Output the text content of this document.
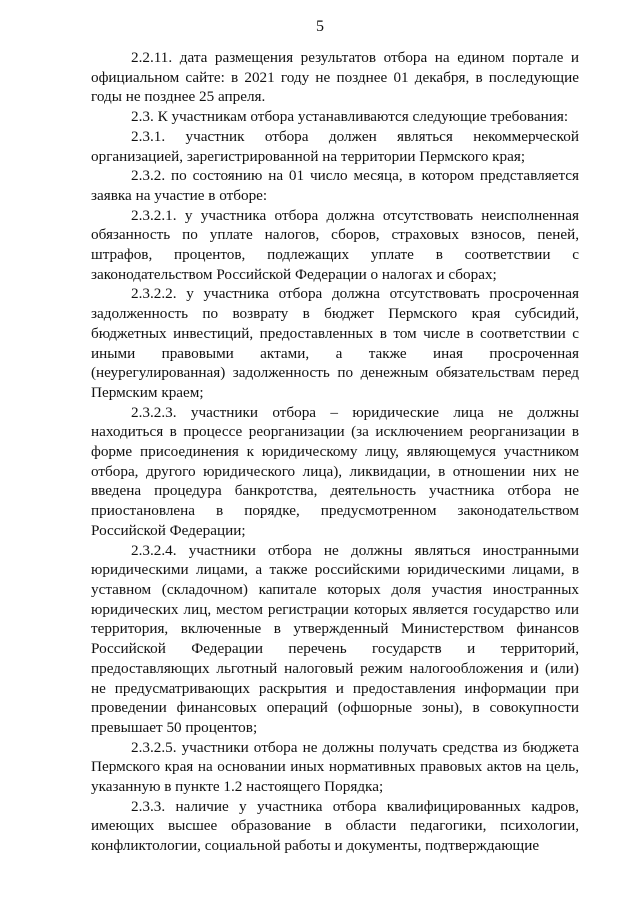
5

2.2.11. дата размещения результатов отбора на едином портале и официальном сайте: в 2021 году не позднее 01 декабря, в последующие годы не позднее 25 апреля.

2.3. К участникам отбора устанавливаются следующие требования:

2.3.1. участник отбора должен являться некоммерческой организацией, зарегистрированной на территории Пермского края;

2.3.2. по состоянию на 01 число месяца, в котором представляется заявка на участие в отборе:

2.3.2.1. у участника отбора должна отсутствовать неисполненная обязанность по уплате налогов, сборов, страховых взносов, пеней, штрафов, процентов, подлежащих уплате в соответствии с законодательством Российской Федерации о налогах и сборах;

2.3.2.2. у участника отбора должна отсутствовать просроченная задолженность по возврату в бюджет Пермского края субсидий, бюджетных инвестиций, предоставленных в том числе в соответствии с иными правовыми актами, а также иная просроченная (неурегулированная) задолженность по денежным обязательствам перед Пермским краем;

2.3.2.3. участники отбора – юридические лица не должны находиться в процессе реорганизации (за исключением реорганизации в форме присоединения к юридическому лицу, являющемуся участником отбора, другого юридического лица), ликвидации, в отношении них не введена процедура банкротства, деятельность участника отбора не приостановлена в порядке, предусмотренном законодательством Российской Федерации;

2.3.2.4. участники отбора не должны являться иностранными юридическими лицами, а также российскими юридическими лицами, в уставном (складочном) капитале которых доля участия иностранных юридических лиц, местом регистрации которых является государство или территория, включенные в утвержденный Министерством финансов Российской Федерации перечень государств и территорий, предоставляющих льготный налоговый режим налогообложения и (или) не предусматривающих раскрытия и предоставления информации при проведении финансовых операций (офшорные зоны), в совокупности превышает 50 процентов;

2.3.2.5. участники отбора не должны получать средства из бюджета Пермского края на основании иных нормативных правовых актов на цель, указанную в пункте 1.2 настоящего Порядка;

2.3.3. наличие у участника отбора квалифицированных кадров, имеющих высшее образование в области педагогики, психологии, конфликтологии, социальной работы и документы, подтверждающие
